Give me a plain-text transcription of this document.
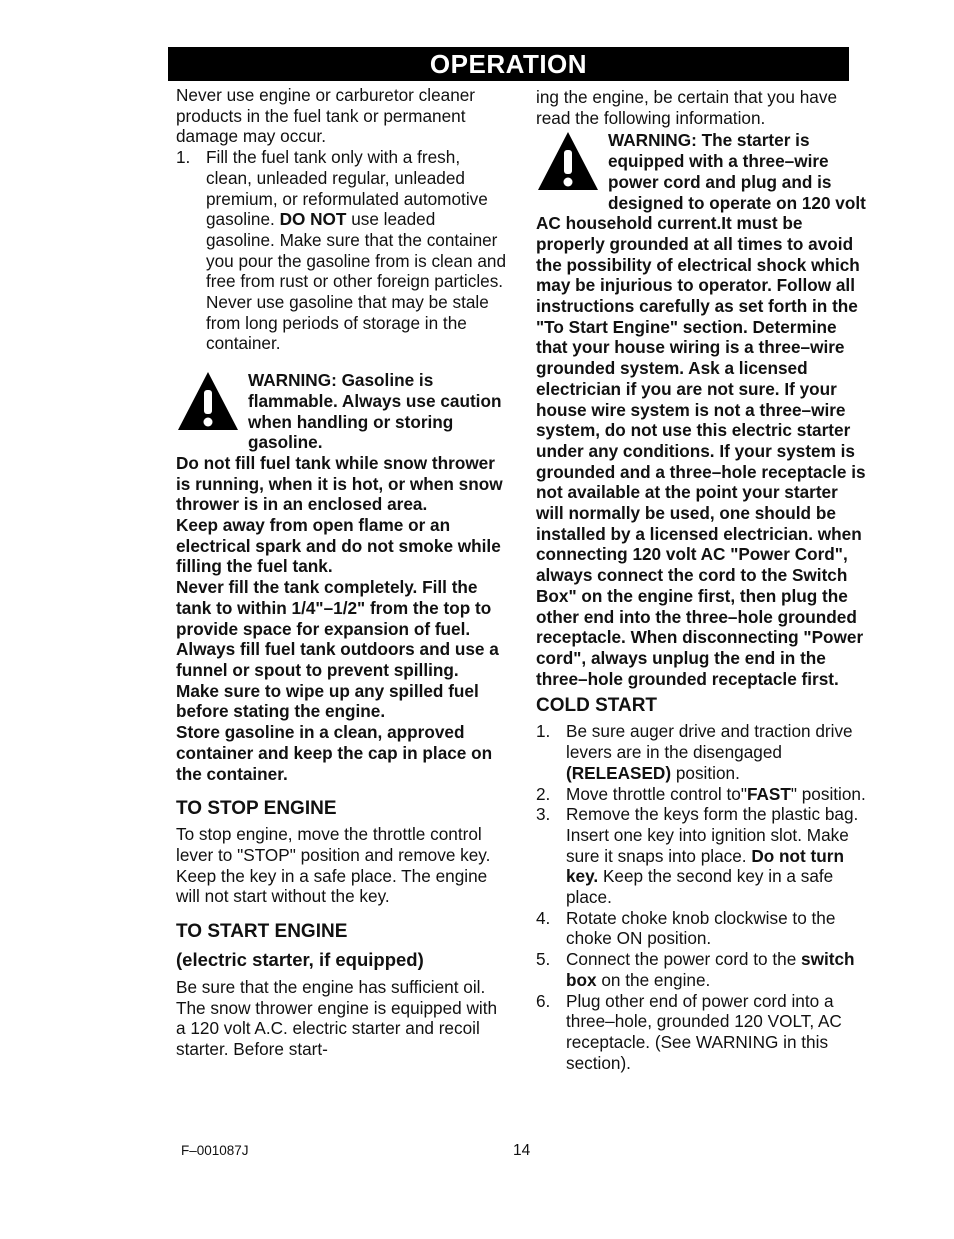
OPERATION

Never use engine or carburetor cleaner products in the fuel tank or permanent damage may occur.

1. Fill the fuel tank only with a fresh, clean, unleaded regular, unleaded premium, or reformulated automotive gasoline. DO NOT use leaded gasoline. Make sure that the container you pour the gasoline from is clean and free from rust or other foreign particles. Never use gasoline that may be stale from long periods of storage in the container.
WARNING: Gasoline is flammable. Always use caution when handling or storing gasoline.

Do not fill fuel tank while snow thrower is running, when it is hot, or when snow thrower is in an enclosed area.

Keep away from open flame or an electrical spark and do not smoke while filling the fuel tank.

Never fill the tank completely. Fill the tank to within 1/4"–1/2" from the top to provide space for expansion of fuel.

Always fill fuel tank outdoors and use a funnel or spout to prevent spilling.

Make sure to wipe up any spilled fuel before stating the engine.

Store gasoline in a clean, approved container and keep the cap in place on the container.

TO STOP ENGINE

To stop engine, move the throttle control lever to "STOP" position and remove key. Keep the key in a safe place. The engine will not start without the key.

TO START ENGINE
(electric starter, if equipped)

Be sure that the engine has sufficient oil. The snow thrower engine is equipped with a 120 volt A.C. electric starter and recoil starter. Before start-

ing the engine, be certain that you have read the following information.

WARNING: The starter is equipped with a three–wire power cord and plug and is designed to operate on 120 volt AC household current.It must be properly grounded at all times to avoid the possibility of electrical shock which may be injurious to operator. Follow all instructions carefully as set forth in the "To Start Engine" section. Determine that your house wiring is a three–wire grounded system. Ask a licensed electrician if you are not sure. If your house wire system is not a three–wire system, do not use this electric starter under any conditions. If your system is grounded and a three–hole receptacle is not available at the point your starter will normally be used, one should be installed by a licensed electrician. when connecting 120 volt AC "Power Cord", always connect the cord to the Switch Box" on the engine first, then plug the other end into the three–hole grounded receptacle. When disconnecting "Power cord", always unplug the end in the three–hole grounded receptacle first.
COLD START
1. Be sure auger drive and traction drive levers are in the disengaged (RELEASED) position.
2. Move throttle control to"FAST" position.
3. Remove the keys form the plastic bag. Insert one key into ignition slot. Make sure it snaps into place. Do not turn key. Keep the second key in a safe place.
4. Rotate choke knob clockwise to the choke ON position.
5. Connect the power cord to the switch box on the engine.
6. Plug other end of power cord into a three–hole, grounded 120 VOLT, AC receptacle. (See WARNING in this section).
F–001087J	14
